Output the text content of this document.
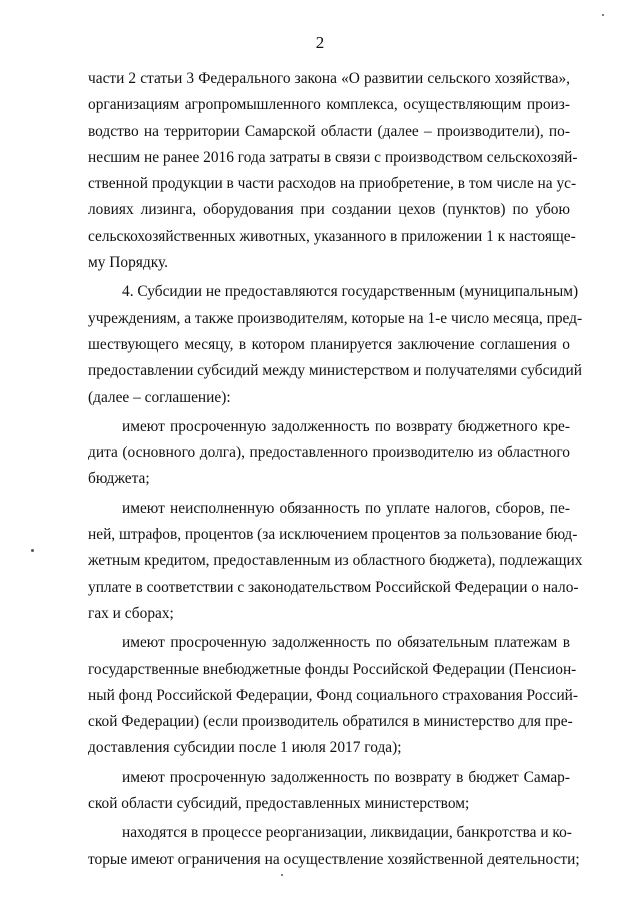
2
части 2 статьи 3 Федерального закона «О развитии сельского хозяйства»,
организациям агропромышленного комплекса, осуществляющим произ-
водство на территории Самарской области (далее – производители), по-
несшим не ранее 2016 года затраты в связи с производством сельскохозяй-
ственной продукции в части расходов на приобретение, в том числе на ус-
ловиях лизинга, оборудования при создании цехов (пунктов) по убою
сельскохозяйственных животных, указанного в приложении 1 к настояще-
му Порядку.
4. Субсидии не предоставляются государственным (муниципальным)
учреждениям, а также производителям, которые на 1-е число месяца, пред-
шествующего месяцу, в котором планируется заключение соглашения о
предоставлении субсидий между министерством и получателями субсидий
(далее – соглашение):
имеют просроченную задолженность по возврату бюджетного кре-
дита (основного долга), предоставленного производителю из областного
бюджета;
имеют неисполненную обязанность по уплате налогов, сборов, пе-
ней, штрафов, процентов (за исключением процентов за пользование бюд-
жетным кредитом, предоставленным из областного бюджета), подлежащих
уплате в соответствии с законодательством Российской Федерации о нало-
гах и сборах;
имеют просроченную задолженность по обязательным платежам в
государственные внебюджетные фонды Российской Федерации (Пенсион-
ный фонд Российской Федерации, Фонд социального страхования Россий-
ской Федерации) (если производитель обратился в министерство для пре-
доставления субсидии после 1 июля 2017 года);
имеют просроченную задолженность по возврату в бюджет Самар-
ской области субсидий, предоставленных министерством;
находятся в процессе реорганизации, ликвидации, банкротства и ко-
торые имеют ограничения на осуществление хозяйственной деятельности;
